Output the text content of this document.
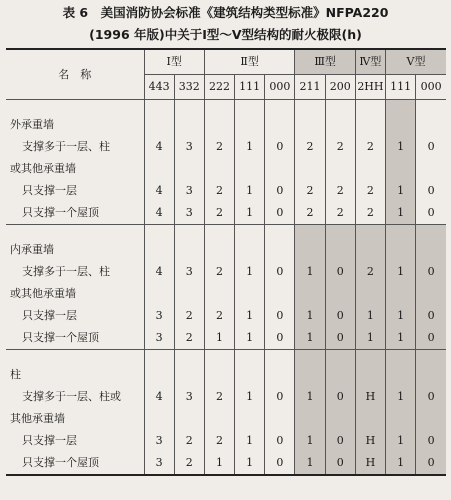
表 6　美国消防协会标准《建筑结构类型标准》NFPA220
(1996 年版)中关于Ⅰ型～Ⅴ型结构的耐火极限(h)
名　称	Ⅰ型		Ⅱ型			Ⅲ型		Ⅳ型	Ⅴ型	
	443	332	222	111	000	211	200	2HH	111	000

外承重墙										
支撑多于一层、柱	4	3	2	1	0	2	2	2	1	0
或其他承重墙										
只支撑一层	4	3	2	1	0	2	2	2	1	0
只支撑一个屋顶	4	3	2	1	0	2	2	2	1	0

内承重墙										
支撑多于一层、柱	4	3	2	1	0	1	0	2	1	0
或其他承重墙										
只支撑一层	3	2	2	1	0	1	0	1	1	0
只支撑一个屋顶	3	2	1	1	0	1	0	1	1	0

柱										
支撑多于一层、柱或	4	3	2	1	0	1	0	H	1	0
其他承重墙										
只支撑一层	3	2	2	1	0	1	0	H	1	0
只支撑一个屋顶	3	2	1	1	0	1	0	H	1	0
